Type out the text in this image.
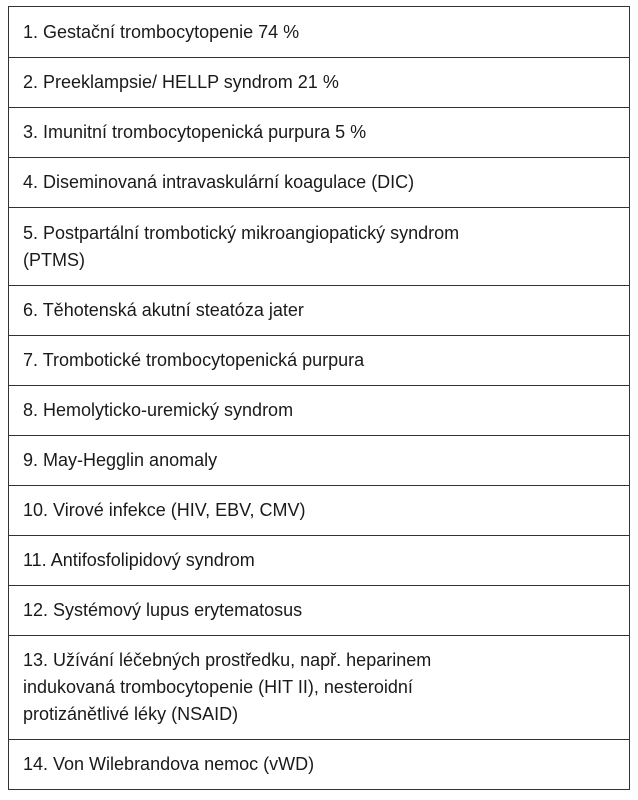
1. Gestační trombocytopenie 74 %
2. Preeklampsie/ HELLP syndrom 21 %
3. Imunitní trombocytopenická purpura 5 %
4. Diseminovaná intravaskulární koagulace (DIC)
5. Postpartální trombotický mikroangiopatický syndrom
(PTMS)
6. Těhotenská akutní steatóza jater
7. Trombotické trombocytopenická purpura
8. Hemolyticko-uremický syndrom
9. May-Hegglin anomaly
10. Virové infekce (HIV, EBV, CMV)
11. Antifosfolipidový syndrom
12. Systémový lupus erytematosus
13. Užívání léčebných prostředku, např. heparinem
indukovaná trombocytopenie (HIT II), nesteroidní
protizánětlivé léky (NSAID)
14. Von Wilebrandova nemoc (vWD)
